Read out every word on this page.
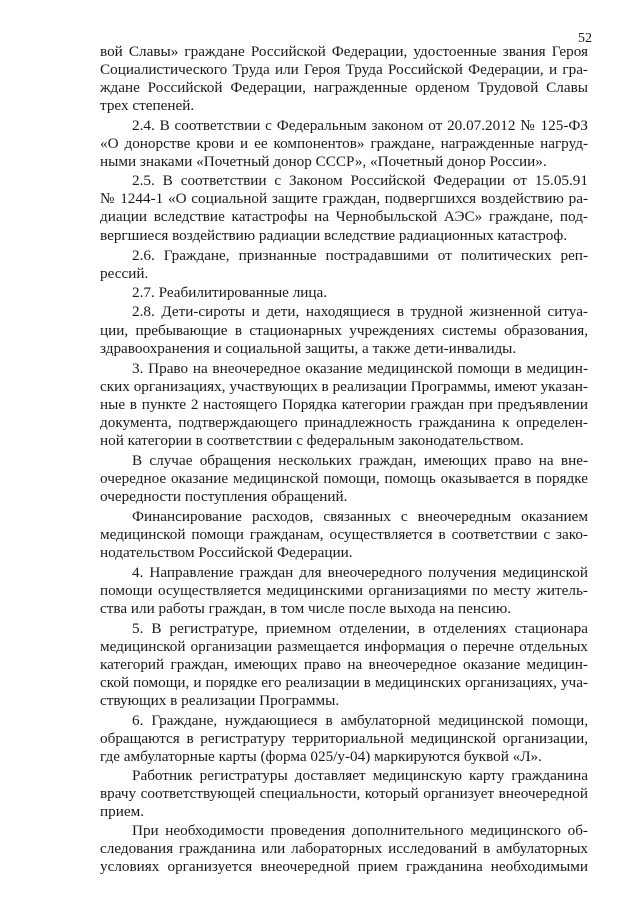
52
вой Славы» граждане Российской Федерации, удостоенные звания Героя
Социалистического Труда или Героя Труда Российской Федерации, и гра-
ждане Российской Федерации, награжденные орденом Трудовой Славы
трех степеней.
2.4. В соответствии с Федеральным законом от 20.07.2012 № 125-ФЗ
«О донорстве крови и ее компонентов» граждане, награжденные нагруд-
ными знаками «Почетный донор СССР», «Почетный донор России».
2.5. В соответствии с Законом Российской Федерации от 15.05.91
№ 1244-1 «О социальной защите граждан, подвергшихся воздействию ра-
диации вследствие катастрофы на Чернобыльской АЭС» граждане, под-
вергшиеся воздействию радиации вследствие радиационных катастроф.
2.6. Граждане, признанные пострадавшими от политических реп-
рессий.
2.7. Реабилитированные лица.
2.8. Дети-сироты и дети, находящиеся в трудной жизненной ситуа-
ции, пребывающие в стационарных учреждениях системы образования,
здравоохранения и социальной защиты, а также дети-инвалиды.
3. Право на внеочередное оказание медицинской помощи в медицин-
ских организациях, участвующих в реализации Программы, имеют указан-
ные в пункте 2 настоящего Порядка категории граждан при предъявлении
документа, подтверждающего принадлежность гражданина к определен-
ной категории в соответствии с федеральным законодательством.
В случае обращения нескольких граждан, имеющих право на вне-
очередное оказание медицинской помощи, помощь оказывается в порядке
очередности поступления обращений.
Финансирование расходов, связанных с внеочередным оказанием
медицинской помощи гражданам, осуществляется в соответствии с зако-
нодательством Российской Федерации.
4. Направление граждан для внеочередного получения медицинской
помощи осуществляется медицинскими организациями по месту житель-
ства или работы граждан, в том числе после выхода на пенсию.
5. В регистратуре, приемном отделении, в отделениях стационара
медицинской организации размещается информация о перечне отдельных
категорий граждан, имеющих право на внеочередное оказание медицин-
ской помощи, и порядке его реализации в медицинских организациях, уча-
ствующих в реализации Программы.
6. Граждане, нуждающиеся в амбулаторной медицинской помощи,
обращаются в регистратуру территориальной медицинской организации,
где амбулаторные карты (форма 025/у-04) маркируются буквой «Л».
Работник регистратуры доставляет медицинскую карту гражданина
врачу соответствующей специальности, который организует внеочередной
прием.
При необходимости проведения дополнительного медицинского об-
следования гражданина или лабораторных исследований в амбулаторных
условиях организуется внеочередной прием гражданина необходимыми
